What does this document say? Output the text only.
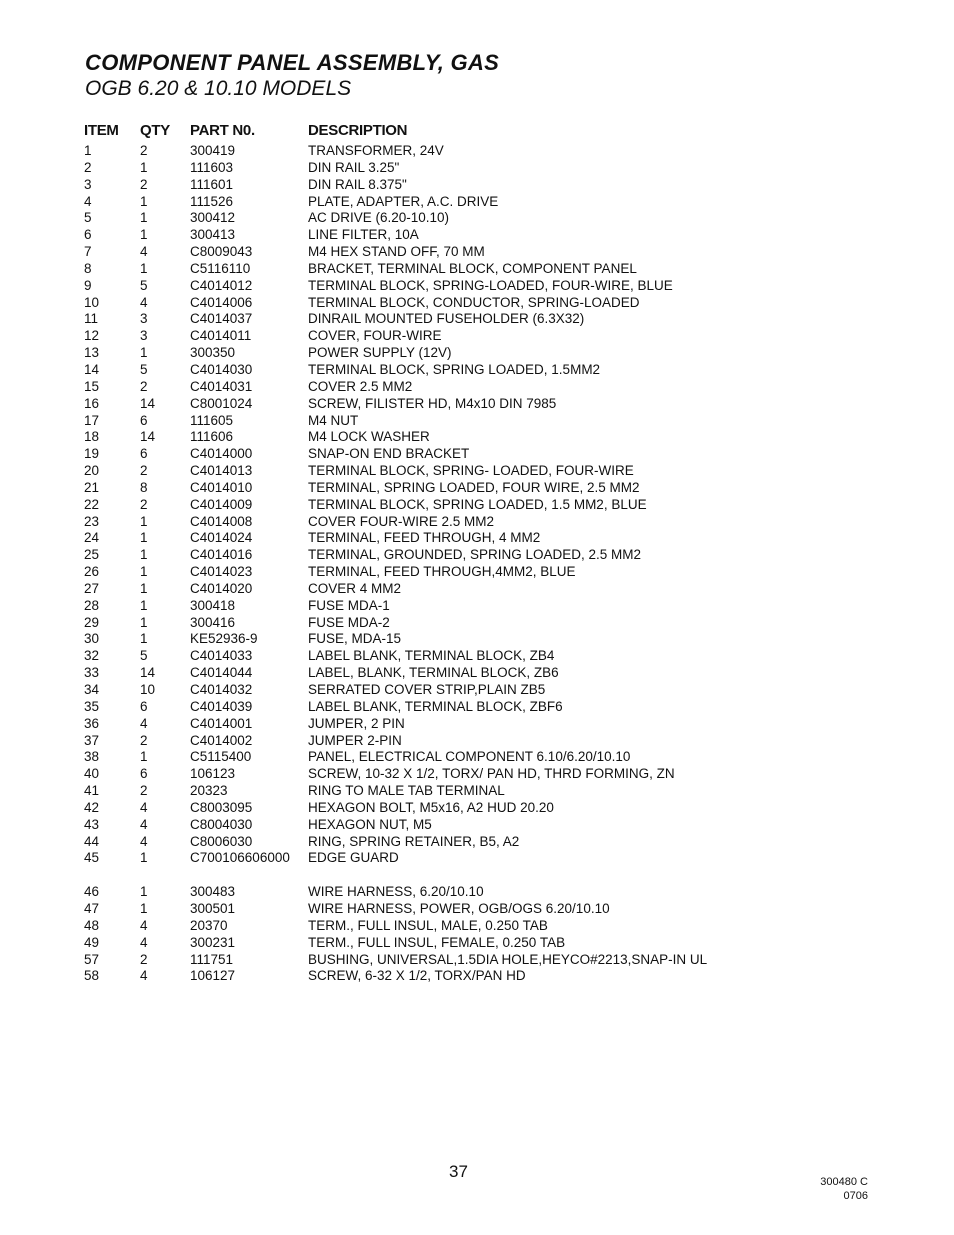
COMPONENT PANEL ASSEMBLY, GAS
OGB 6.20 & 10.10 MODELS
ITEM QTY PART N0.	DESCRIPTION
1	2	300419	TRANSFORMER, 24V
2	1	111603	DIN RAIL 3.25"
3	2	111601	DIN RAIL 8.375"
4	1	111526	PLATE, ADAPTER, A.C. DRIVE
5	1	300412	AC DRIVE (6.20-10.10)
6	1	300413	LINE FILTER, 10A
7	4	C8009043	M4 HEX STAND OFF, 70 MM
8	1	C5116110	BRACKET, TERMINAL BLOCK, COMPONENT PANEL
9	5	C4014012	TERMINAL BLOCK, SPRING-LOADED, FOUR-WIRE, BLUE
10	4	C4014006	TERMINAL BLOCK, CONDUCTOR, SPRING-LOADED
11	3	C4014037	DINRAIL MOUNTED FUSEHOLDER (6.3X32)
12	3	C4014011	COVER, FOUR-WIRE
13	1	300350	POWER SUPPLY (12V)
14	5	C4014030	TERMINAL BLOCK, SPRING LOADED, 1.5MM2
15	2	C4014031	COVER 2.5 MM2
16	14	C8001024	SCREW, FILISTER HD, M4x10 DIN 7985
17	6	111605	M4 NUT
18	14	111606	M4 LOCK WASHER
19	6	C4014000	SNAP-ON END BRACKET
20	2	C4014013	TERMINAL BLOCK, SPRING- LOADED, FOUR-WIRE
21	8	C4014010	TERMINAL, SPRING LOADED, FOUR WIRE, 2.5 MM2
22	2	C4014009	TERMINAL BLOCK, SPRING LOADED, 1.5 MM2, BLUE
23	1	C4014008	COVER FOUR-WIRE 2.5 MM2
24	1	C4014024	TERMINAL, FEED THROUGH, 4 MM2
25	1	C4014016	TERMINAL, GROUNDED, SPRING LOADED, 2.5 MM2
26	1	C4014023	TERMINAL, FEED THROUGH,4MM2, BLUE
27	1	C4014020	COVER 4 MM2
28	1	300418	FUSE MDA-1
29	1	300416	FUSE MDA-2
30	1	KE52936-9	FUSE, MDA-15
32	5	C4014033	LABEL BLANK, TERMINAL BLOCK, ZB4
33	14	C4014044	LABEL, BLANK, TERMINAL BLOCK, ZB6
34	10	C4014032	SERRATED COVER STRIP,PLAIN ZB5
35	6	C4014039	LABEL BLANK, TERMINAL BLOCK, ZBF6
36	4	C4014001	JUMPER, 2 PIN
37	2	C4014002	JUMPER 2-PIN
38	1	C5115400	PANEL, ELECTRICAL COMPONENT 6.10/6.20/10.10
40	6	106123	SCREW, 10-32 X 1/2, TORX/ PAN HD, THRD FORMING, ZN
41	2	20323	RING TO MALE TAB TERMINAL
42	4	C8003095	HEXAGON BOLT, M5x16, A2 HUD 20.20
43	4	C8004030	HEXAGON NUT, M5
44	4	C8006030	RING, SPRING RETAINER, B5, A2
45	1	C700106606000 EDGE GUARD
46	1	300483	WIRE HARNESS, 6.20/10.10
47	1	300501	WIRE HARNESS, POWER, OGB/OGS 6.20/10.10
48	4	20370	TERM., FULL INSUL, MALE, 0.250 TAB
49	4	300231	TERM., FULL INSUL, FEMALE, 0.250 TAB
57	2	111751	BUSHING, UNIVERSAL,1.5DIA HOLE,HEYCO#2213,SNAP-IN UL
58	4	106127	SCREW, 6-32 X 1/2, TORX/PAN HD
37
300480 C
0706
